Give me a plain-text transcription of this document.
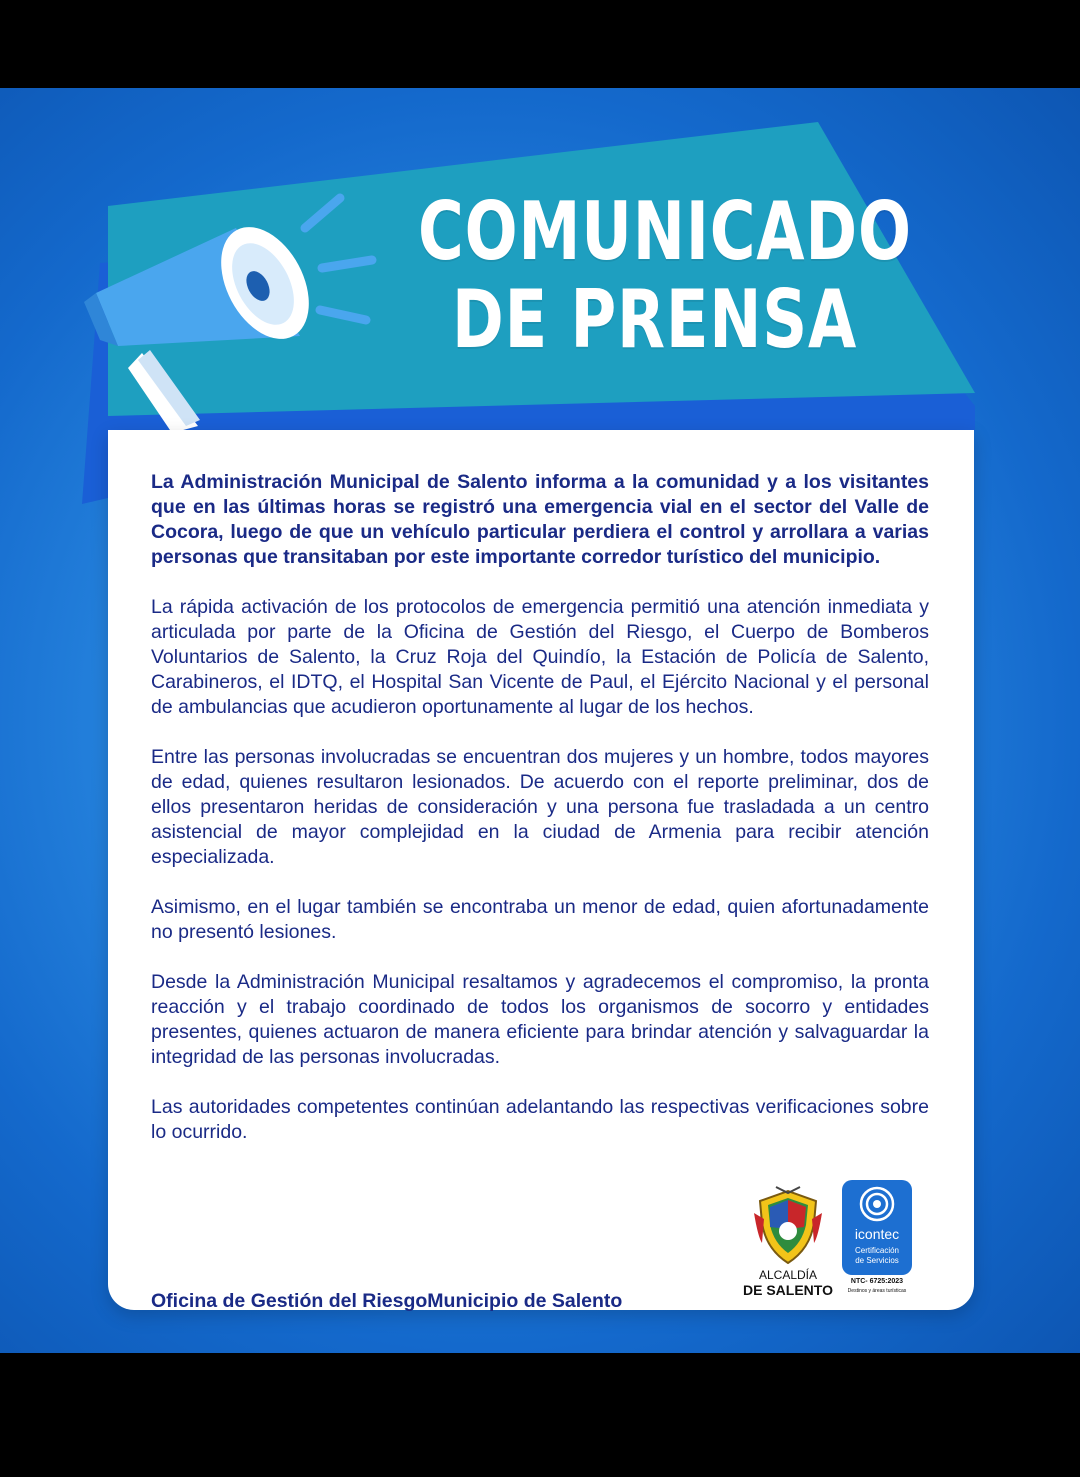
COMUNICADO
DE PRENSA

La Administración Municipal de Salento informa a la comunidad y a los visitantes que en las últimas horas se registró una emergencia vial en el sector del Valle de Cocora, luego de que un vehículo particular perdiera el control y arrollara a varias personas que transitaban por este importante corredor turístico del municipio.

La rápida activación de los protocolos de emergencia permitió una atención inmediata y articulada por parte de la Oficina de Gestión del Riesgo, el Cuerpo de Bomberos Voluntarios de Salento, la Cruz Roja del Quindío, la Estación de Policía de Salento, Carabineros, el IDTQ, el Hospital San Vicente de Paul, el Ejército Nacional y el personal de ambulancias que acudieron oportunamente al lugar de los hechos.

Entre las personas involucradas se encuentran dos mujeres y un hombre, todos mayores de edad, quienes resultaron lesionados. De acuerdo con el reporte preliminar, dos de ellos presentaron heridas de consideración y una persona fue trasladada a un centro asistencial de mayor complejidad en la ciudad de Armenia para recibir atención especializada.

Asimismo, en el lugar también se encontraba un menor de edad, quien afortunadamente no presentó lesiones.

Desde la Administración Municipal resaltamos y agradecemos el compromiso, la pronta reacción y el trabajo coordinado de todos los organismos de socorro y entidades presentes, quienes actuaron de manera eficiente para brindar atención y salvaguardar la integridad de las personas involucradas.

Las autoridades competentes continúan adelantando las respectivas verificaciones sobre lo ocurrido.

Oficina de Gestión del RiesgoMunicipio de Salento
ALCALDÍA
DE SALENTO
icontec
Certificación
de Servicios
NTC- 6725:2023
Destinos y áreas turísticas
